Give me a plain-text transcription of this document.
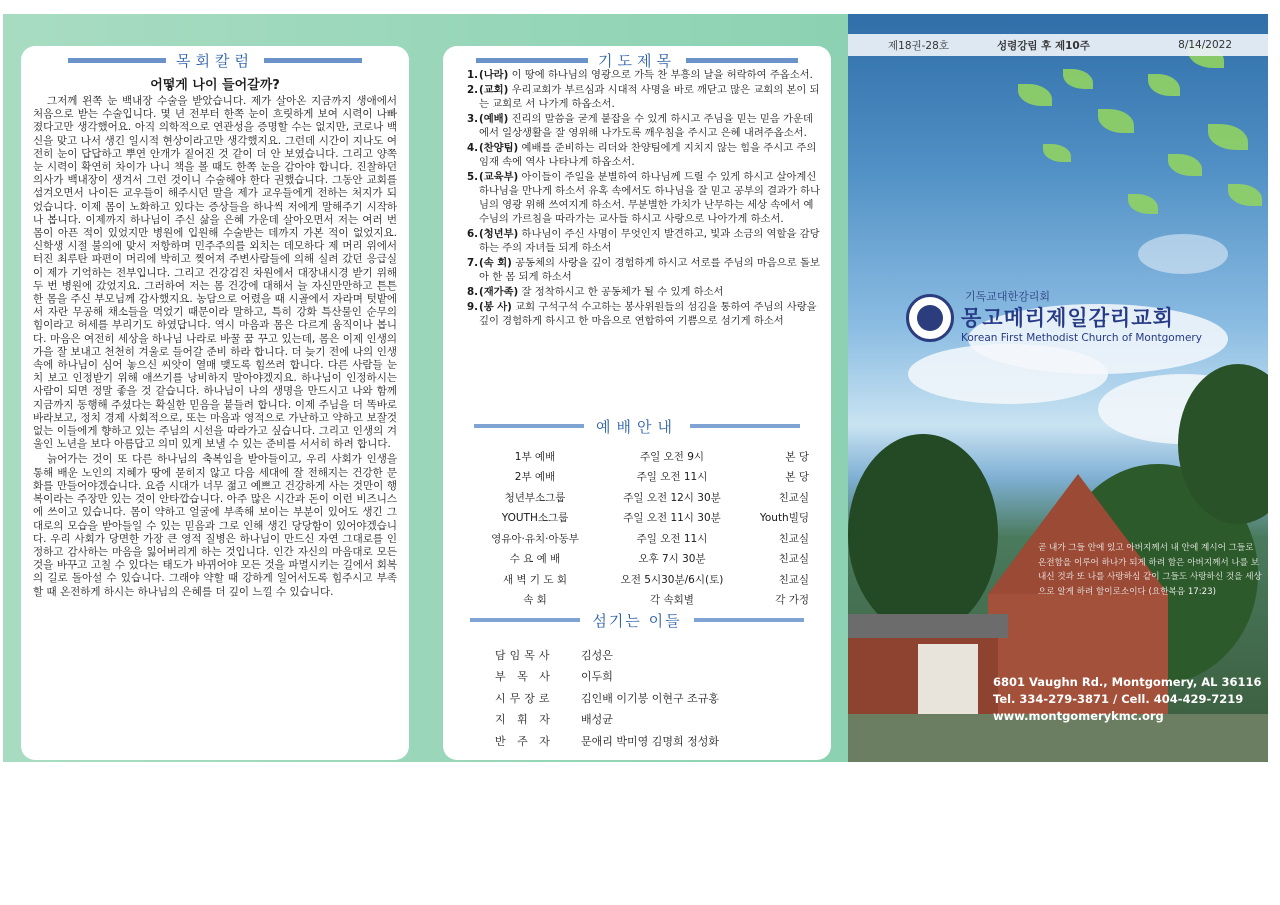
목회칼럼
어떻게 나이 들어갈까?

그저께 왼쪽 눈 백내장 수술을 받았습니다. 제가 살아온 지금까지 생애에서 처음으로 받는 수술입니다. 몇 년 전부터 한쪽 눈이 흐릿하게 보여 시력이 나빠졌다고만 생각했어요. 아직 의학적으로 연관성을 증명할 수는 없지만, 코로나 백신을 맞고 나서 생긴 일시적 현상이라고만 생각했지요. 그런데 시간이 지나도 여전히 눈이 답답하고 뿌연 안개가 짙어진 것 같이 더 안 보였습니다. 그리고 양쪽 눈 시력이 확연히 차이가 나니 책을 볼 때도 한쪽 눈을 감아야 합니다. 진찰하던 의사가 백내장이 생겨서 그런 것이니 수술해야 한다 권했습니다. 그동안 교회를 섬겨오면서 나이든 교우들이 해주시던 말을 제가 교우들에게 전하는 처지가 되었습니다. 이제 몸이 노화하고 있다는 증상들을 하나씩 저에게 말해주기 시작하나 봅니다. 이제까지 하나님이 주신 삶을 은혜 가운데 살아오면서 저는 여러 번 몸이 아픈 적이 있었지만 병원에 입원해 수술받는 데까지 가본 적이 없었지요. 신학생 시절 불의에 맞서 저항하며 민주주의를 외치는 데모하다 제 머리 위에서 터진 최루탄 파편이 머리에 박히고 찢어져 주변사람들에 의해 실려 갔던 응급실이 제가 기억하는 전부입니다. 그리고 건강검진 차원에서 대장내시경 받기 위해 두 번 병원에 갔었지요. 그러하여 저는 몸 건강에 대해서 늘 자신만만하고 튼튼한 몸을 주신 부모님께 감사했지요. 농담으로 어렸을 때 시골에서 자라며 텃밭에서 자란 무공해 채소들을 먹었기 때문이라 말하고, 특히 강화 특산물인 순무의 힘이라고 허세를 부리기도 하였답니다. 역시 마음과 몸은 다르게 움직이나 봅니다. 마음은 여전히 세상을 하나님 나라로 바꿀 꿈 꾸고 있는데, 몸은 이제 인생의 가을 잘 보내고 천천히 겨울로 들어갈 준비 하라 합니다. 더 늦기 전에 나의 인생 속에 하나님이 심어 놓으신 씨앗이 열매 맺도록 힘쓰려 합니다. 다른 사람들 눈치 보고 인정받기 위해 애쓰기를 낭비하지 말아야겠지요. 하나님이 인정하시는 사람이 되면 정말 좋을 것 같습니다. 하나님이 나의 생명을 만드시고 나와 함께 지금까지 동행해 주셨다는 확실한 믿음을 붙들려 합니다. 이제 주님을 더 똑바로 바라보고, 정치 경제 사회적으로, 또는 마음과 영적으로 가난하고 약하고 보잘것없는 이들에게 향하고 있는 주님의 시선을 따라가고 싶습니다. 그리고 인생의 겨울인 노년을 보다 아름답고 의미 있게 보낼 수 있는 준비를 서서히 하려 합니다.

늙어가는 것이 또 다른 하나님의 축복임을 받아들이고, 우리 사회가 인생을 통해 배운 노인의 지혜가 땅에 묻히지 않고 다음 세대에 잘 전해지는 건강한 문화를 만들어야겠습니다. 요즘 시대가 너무 젊고 예쁘고 건강하게 사는 것만이 행복이라는 주장만 있는 것이 안타깝습니다. 아주 많은 시간과 돈이 이런 비즈니스에 쓰이고 있습니다. 몸이 약하고 얼굴에 부족해 보이는 부분이 있어도 생긴 그대로의 모습을 받아들일 수 있는 믿음과 그로 인해 생긴 당당함이 있어야겠습니다. 우리 사회가 당면한 가장 큰 영적 질병은 하나님이 만드신 자연 그대로를 인정하고 감사하는 마음을 잃어버리게 하는 것입니다. 인간 자신의 마음대로 모든 것을 바꾸고 고칠 수 있다는 태도가 바뀌어야 모든 것을 파멸시키는 길에서 회복의 길로 돌아설 수 있습니다. 그래야 약할 때 강하게 일어서도록 힘주시고 부족할 때 온전하게 하시는 하나님의 은혜를 더 깊이 느낄 수 있습니다.

기도제목
1. (나라) 이 땅에 하나님의 영광으로 가득 찬 부흥의 날을 허락하여 주옵소서.
2. (교회) 우리교회가 부르심과 시대적 사명을 바로 깨닫고 많은 교회의 본이 되는 교회로 서 나가게 하옵소서.
3. (예배) 진리의 말씀을 굳게 붙잡을 수 있게 하시고 주님을 믿는 믿음 가운데에서 일상생활을 잘 영위해 나가도록 깨우침을 주시고 은혜 내려주옵소서.
4. (찬양팀) 예배를 준비하는 리더와 찬양팀에게 지치지 않는 힘을 주시고 주의 임재 속에 역사 나타나게 하옵소서.
5. (교육부) 아이들이 주일을 분별하여 하나님께 드릴 수 있게 하시고 살아계신 하나님을 만나게 하소서 유혹 속에서도 하나님을 잘 믿고 공부의 결과가 하나님의 영광 위해 쓰여지게 하소서. 무분별한 가치가 난무하는 세상 속에서 예수님의 가르침을 따라가는 교사들 하시고 사랑으로 나아가게 하소서.
6. (청년부) 하나님이 주신 사명이 무엇인지 발견하고, 빛과 소금의 역할을 감당하는 주의 자녀들 되게 하소서
7. (속 회) 공동체의 사랑을 깊이 경험하게 하시고 서로를 주님의 마음으로 돌보아 한 몸 되게 하소서
8. (재가족) 잘 정착하시고 한 공동체가 될 수 있게 하소서
9. (봉 사) 교회 구석구석 수고하는 봉사위원들의 섬김을 통하여 주님의 사랑을 깊이 경험하게 하시고 한 마음으로 연합하여 기쁨으로 섬기게 하소서
예배안내
1부 예배	주일 오전 9시	본 당
2부 예배	주일 오전 11시	본 당
청년부소그룹	주일 오전 12시 30분	친교실
YOUTH소그룹	주일 오전 11시 30분	Youth빌딩
영유아·유치·아동부	주일 오전 11시	친교실
수 요 예 배	오후 7시 30분	친교실
새 벽 기 도 회	오전 5시30분/6시(토)	친교실
속 회	각 속회별	각 가정
섬기는 이들
담임목사	김성은
부 목 사	이두희
시무장로	김인배 이기봉 이현구 조규홍
지 휘 자	배성균
반 주 자	문애리 박미영 김명희 정성화
제18권-28호	성령강림 후 제10주	8/14/2022
기독교대한감리회
몽고메리제일감리교회
Korean First Methodist Church of Montgomery
곧 내가 그들 안에 있고 아버지께서 내 안에 계시어 그들로 온전함을 이루어 하나가 되게 하려 함은 아버지께서 나를 보내신 것과 또 나를 사랑하심 같이 그들도 사랑하신 것을 세상으로 알게 하려 함이로소이다 (요한복음 17:23)
6801 Vaughn Rd., Montgomery, AL 36116
Tel. 334-279-3871 / Cell. 404-429-7219
www.montgomerykmc.org
